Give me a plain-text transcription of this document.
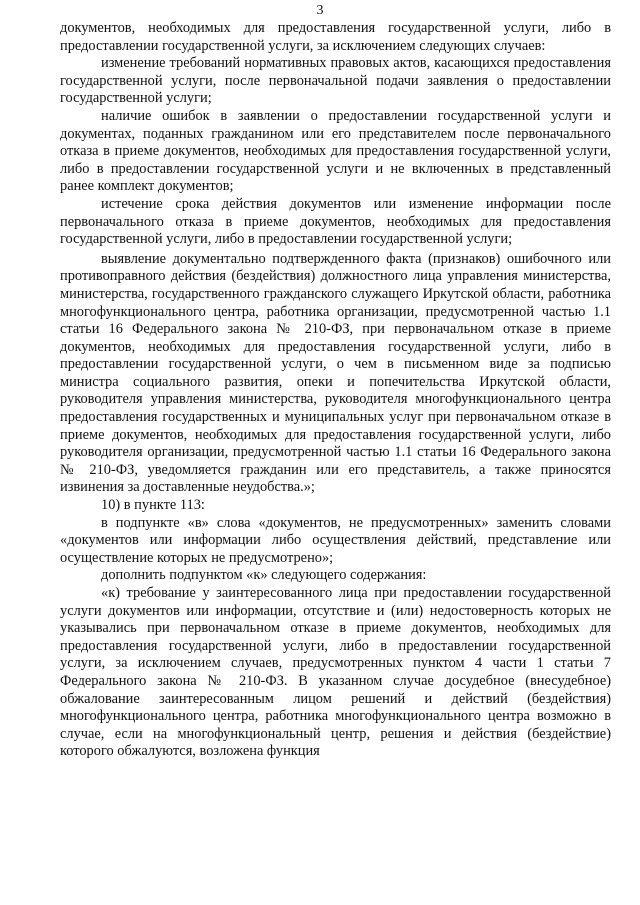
3

документов, необходимых для предоставления государственной услуги, либо в предоставлении государственной услуги, за исключением следующих случаев:

изменение требований нормативных правовых актов, касающихся предоставления государственной услуги, после первоначальной подачи заявления о предоставлении государственной услуги;

наличие ошибок в заявлении о предоставлении государственной услуги и документах, поданных гражданином или его представителем после первоначального отказа в приеме документов, необходимых для предоставления государственной услуги, либо в предоставлении государственной услуги и не включенных в представленный ранее комплект документов;

истечение срока действия документов или изменение информации после первоначального отказа в приеме документов, необходимых для предоставления государственной услуги, либо в предоставлении государственной услуги;

выявление документально подтвержденного факта (признаков) ошибочного или противоправного действия (бездействия) должностного лица управления министерства, министерства, государственного гражданского служащего Иркутской области, работника многофункционального центра, работника организации, предусмотренной частью 1.1 статьи 16 Федерального закона № 210-ФЗ, при первоначальном отказе в приеме документов, необходимых для предоставления государственной услуги, либо в предоставлении государственной услуги, о чем в письменном виде за подписью министра социального развития, опеки и попечительства Иркутской области, руководителя управления министерства, руководителя многофункционального центра предоставления государственных и муниципальных услуг при первоначальном отказе в приеме документов, необходимых для предоставления государственной услуги, либо руководителя организации, предусмотренной частью 1.1 статьи 16 Федерального закона № 210-ФЗ, уведомляется гражданин или его представитель, а также приносятся извинения за доставленные неудобства.»;

10) в пункте 113:

в подпункте «в» слова «документов, не предусмотренных» заменить словами «документов или информации либо осуществления действий, представление или осуществление которых не предусмотрено»;

дополнить подпунктом «к» следующего содержания:

«к) требование у заинтересованного лица при предоставлении государственной услуги документов или информации, отсутствие и (или) недостоверность которых не указывались при первоначальном отказе в приеме документов, необходимых для предоставления государственной услуги, либо в предоставлении государственной услуги, за исключением случаев, предусмотренных пунктом 4 части 1 статьи 7 Федерального закона № 210-ФЗ. В указанном случае досудебное (внесудебное) обжалование заинтересованным лицом решений и действий (бездействия) многофункционального центра, работника многофункционального центра возможно в случае, если на многофункциональный центр, решения и действия (бездействие) которого обжалуются, возложена функция
